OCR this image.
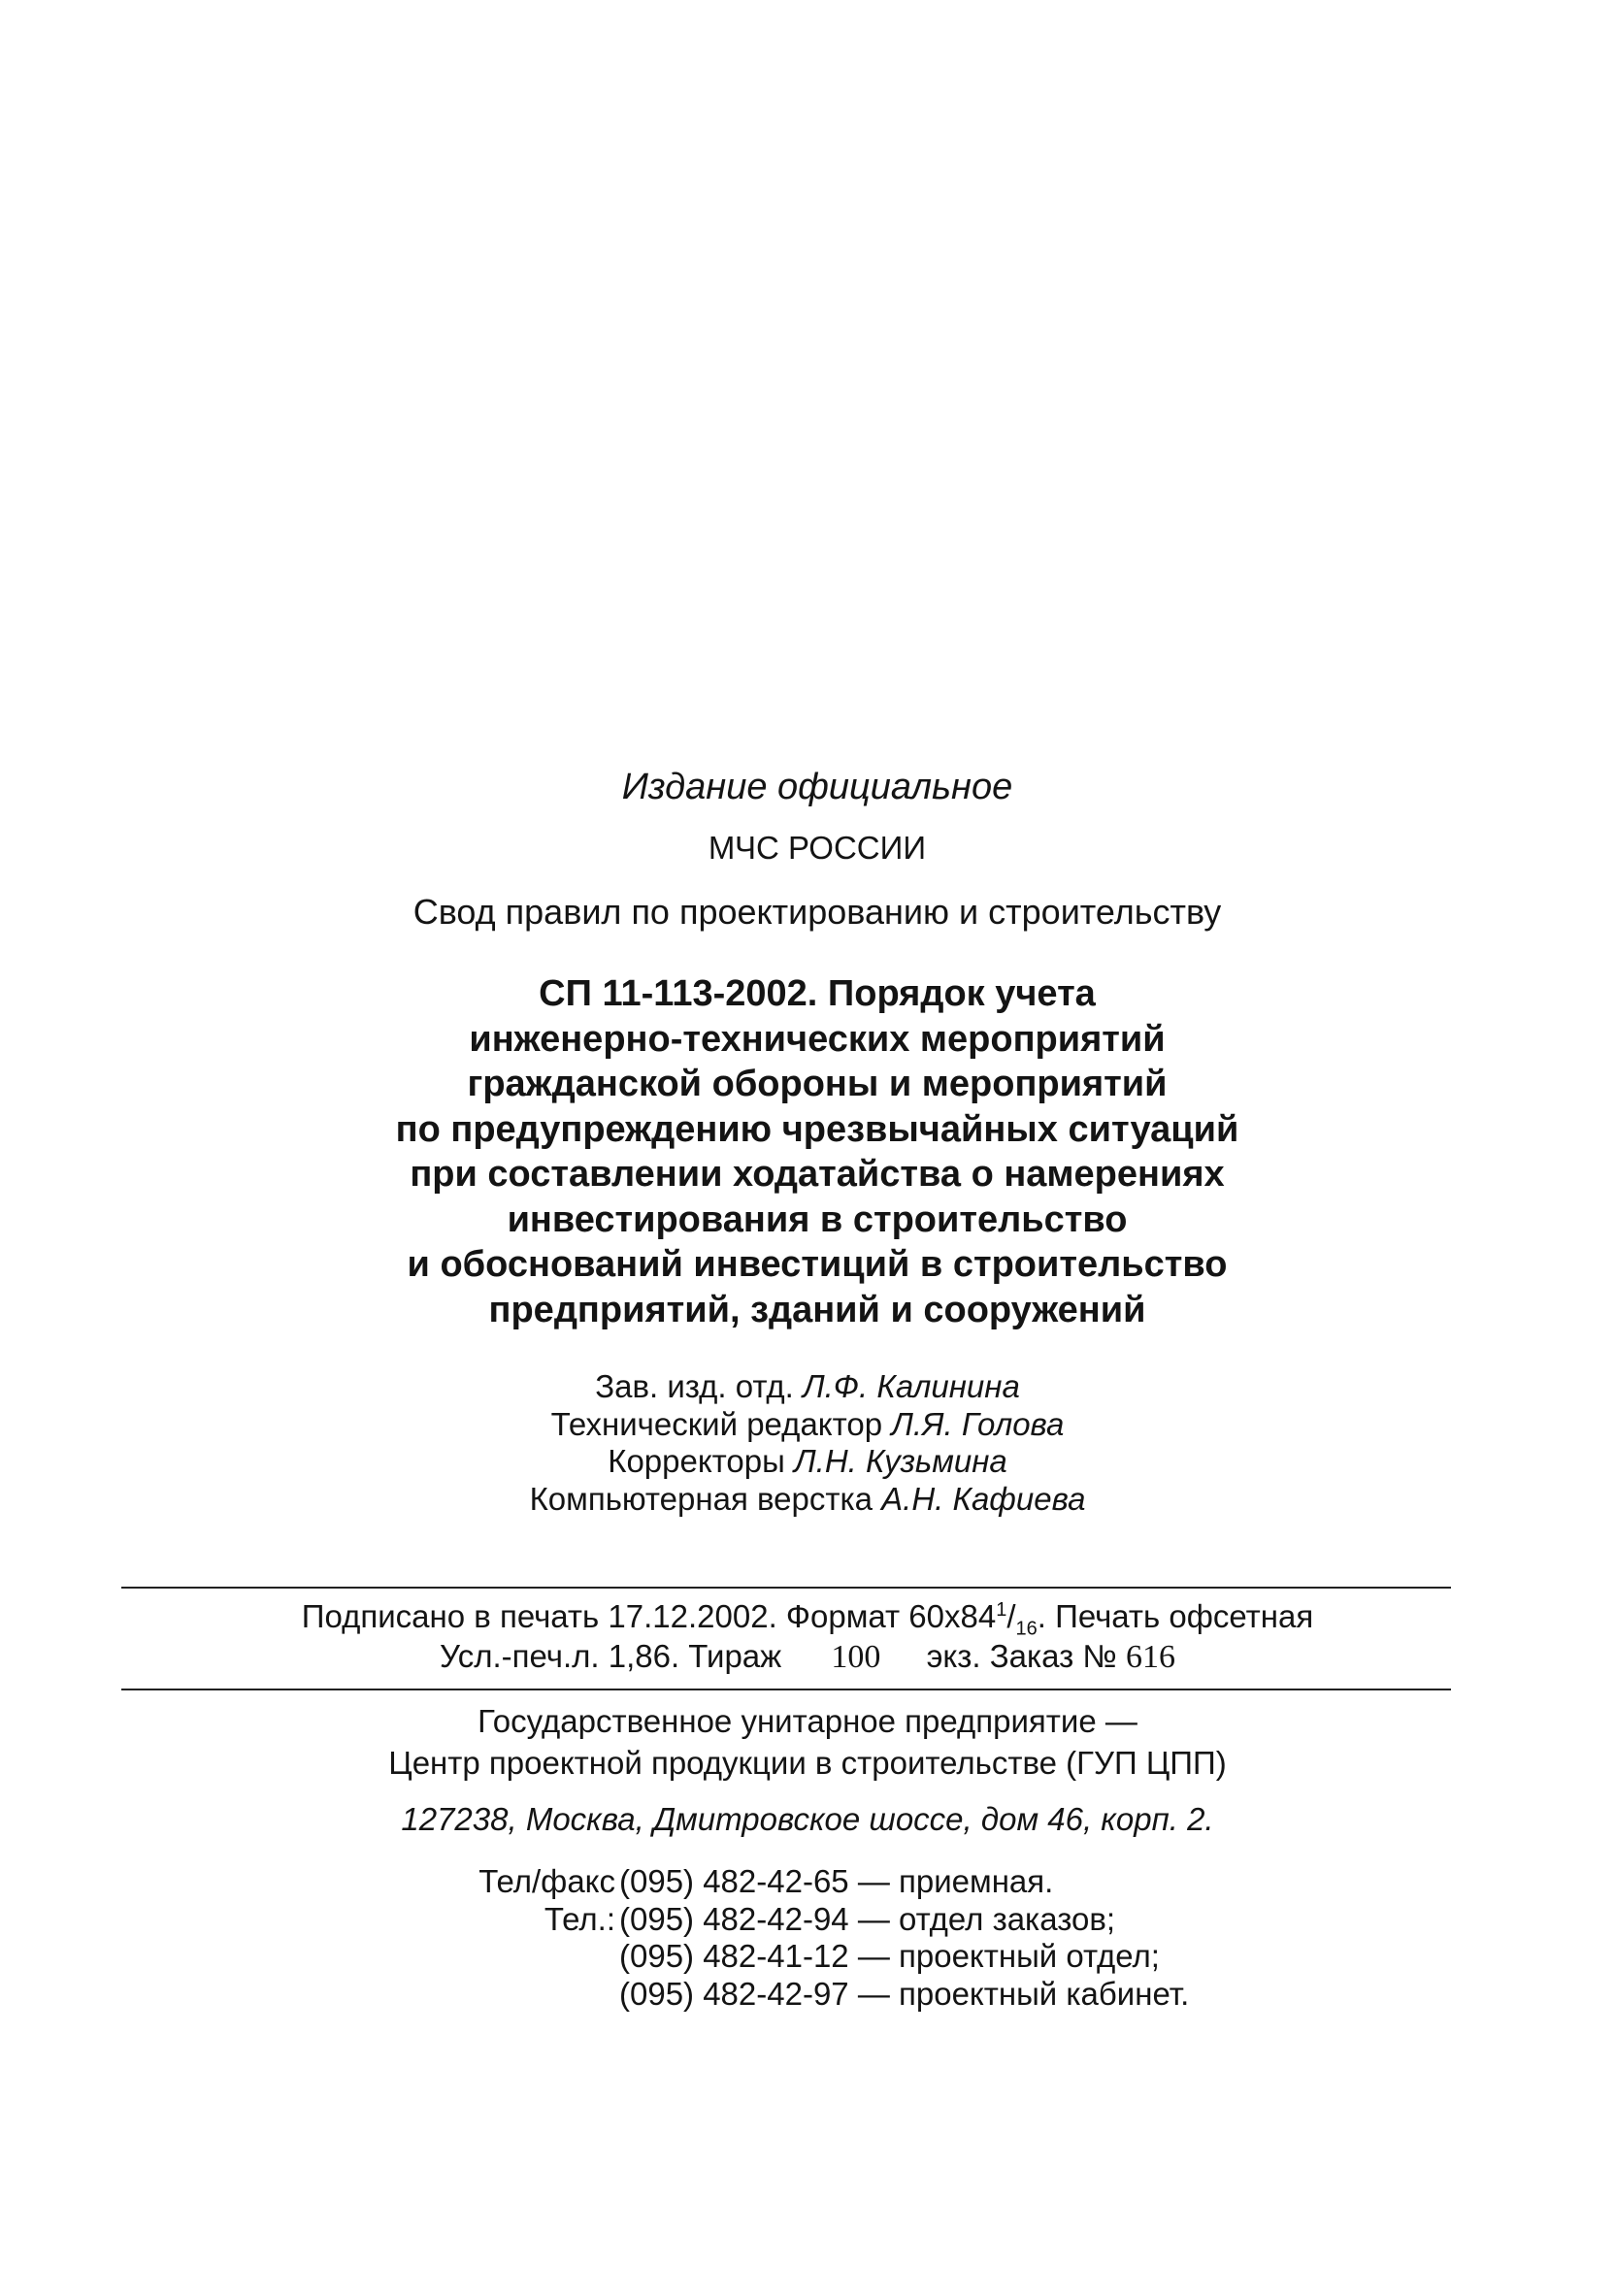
Издание официальное
МЧС РОССИИ
Свод правил по проектированию и строительству
СП 11-113-2002. Порядок учета
инженерно-технических мероприятий
гражданской обороны и мероприятий
по предупреждению чрезвычайных ситуаций
при составлении ходатайства о намерениях
инвестирования в строительство
и обоснований инвестиций в строительство
предприятий, зданий и сооружений
Зав. изд. отд. Л.Ф. Калинина
Технический редактор Л.Я. Голова
Корректоры Л.Н. Кузьмина
Компьютерная верстка А.Н. Кафиева
Подписано в печать 17.12.2002. Формат $60х84^1/_{16}$. Печать офсетная
Усл.-печ.л. 1,86. Тираж 100 экз. Заказ № 616
Государственное унитарное предприятие —
Центр проектной продукции в строительстве (ГУП ЦПП)
127238, Москва, Дмитровское шоссе, дом 46, корп. 2.
Тел/факс (095) 482-42-65 — приемная.
Тел.: (095) 482-42-94 — отдел заказов;
(095) 482-41-12 — проектный отдел;
(095) 482-42-97 — проектный кабинет.
